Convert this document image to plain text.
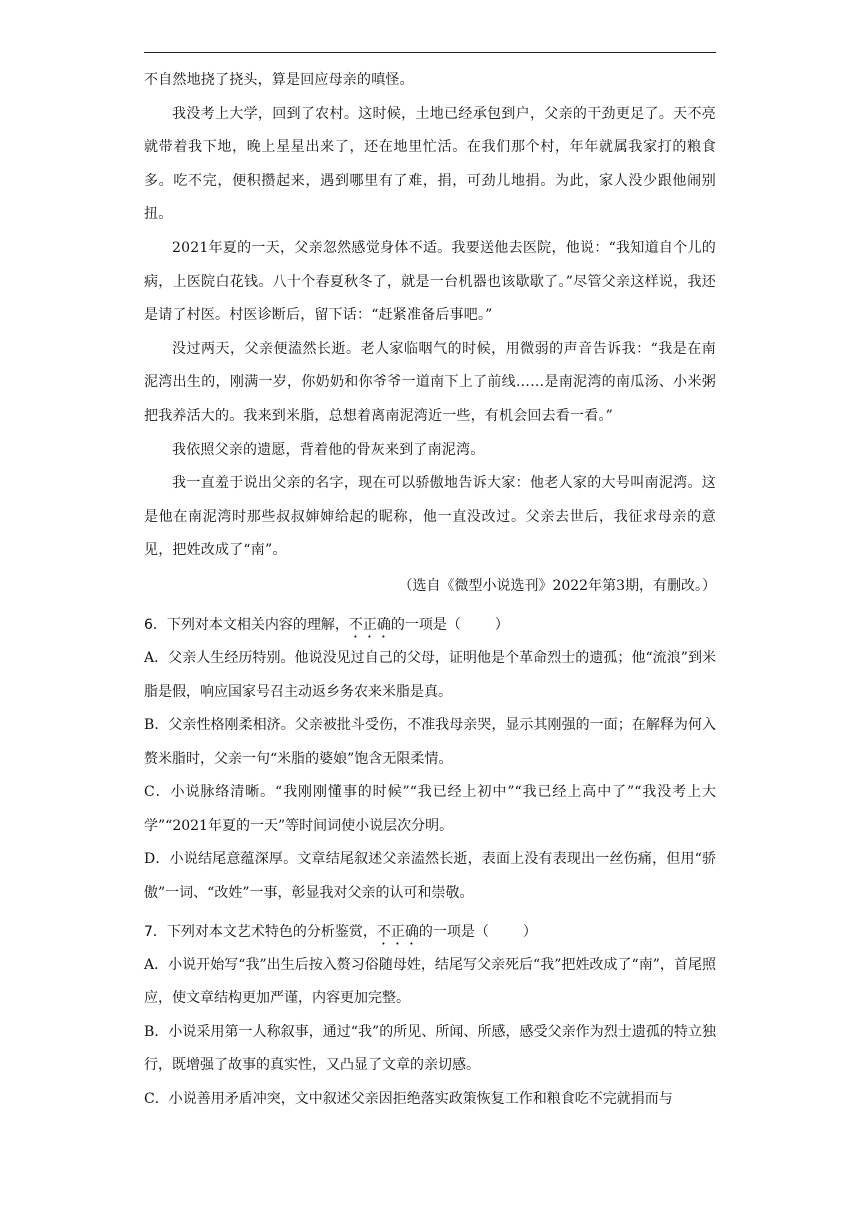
不自然地挠了挠头，算是回应母亲的嗔怪。

我没考上大学，回到了农村。这时候，土地已经承包到户，父亲的干劲更足了。天不亮就带着我下地，晚上星星出来了，还在地里忙活。在我们那个村，年年就属我家打的粮食多。吃不完，便积攒起来，遇到哪里有了难，捐，可劲儿地捐。为此，家人没少跟他闹别扭。

2021年夏的一天，父亲忽然感觉身体不适。我要送他去医院，他说：“我知道自个儿的病，上医院白花钱。八十个春夏秋冬了，就是一台机器也该歇歇了。”尽管父亲这样说，我还是请了村医。村医诊断后，留下话：“赶紧准备后事吧。”

没过两天，父亲便溘然长逝。老人家临咽气的时候，用微弱的声音告诉我：“我是在南泥湾出生的，刚满一岁，你奶奶和你爷爷一道南下上了前线……是南泥湾的南瓜汤、小米粥把我养活大的。我来到米脂，总想着离南泥湾近一些，有机会回去看一看。”

我依照父亲的遗愿，背着他的骨灰来到了南泥湾。

我一直羞于说出父亲的名字，现在可以骄傲地告诉大家：他老人家的大号叫南泥湾。这是他在南泥湾时那些叔叔婶婶给起的昵称，他一直没改过。父亲去世后，我征求母亲的意见，把姓改成了“南”。

（选自《微型小说选刊》2022年第3期，有删改。）

6．下列对本文相关内容的理解，不正确的一项是（ ）

A．父亲人生经历特别。他说没见过自己的父母，证明他是个革命烈士的遗孤；他“流浪”到米脂是假，响应国家号召主动返乡务农来米脂是真。

B．父亲性格刚柔相济。父亲被批斗受伤，不准我母亲哭，显示其刚强的一面；在解释为何入赘米脂时，父亲一句“米脂的婆娘”饱含无限柔情。

C．小说脉络清晰。“我刚刚懂事的时候”“我已经上初中”“我已经上高中了”“我没考上大学”“2021年夏的一天”等时间词使小说层次分明。

D．小说结尾意蕴深厚。文章结尾叙述父亲溘然长逝，表面上没有表现出一丝伤痛，但用“骄傲”一词、“改姓”一事，彰显我对父亲的认可和崇敬。

7．下列对本文艺术特色的分析鉴赏，不正确的一项是（ ）

A．小说开始写“我”出生后按入赘习俗随母姓，结尾写父亲死后“我”把姓改成了“南”，首尾照应，使文章结构更加严谨，内容更加完整。

B．小说采用第一人称叙事，通过“我”的所见、所闻、所感，感受父亲作为烈士遗孤的特立独行，既增强了故事的真实性，又凸显了文章的亲切感。

C．小说善用矛盾冲突，文中叙述父亲因拒绝落实政策恢复工作和粮食吃不完就捐而与
